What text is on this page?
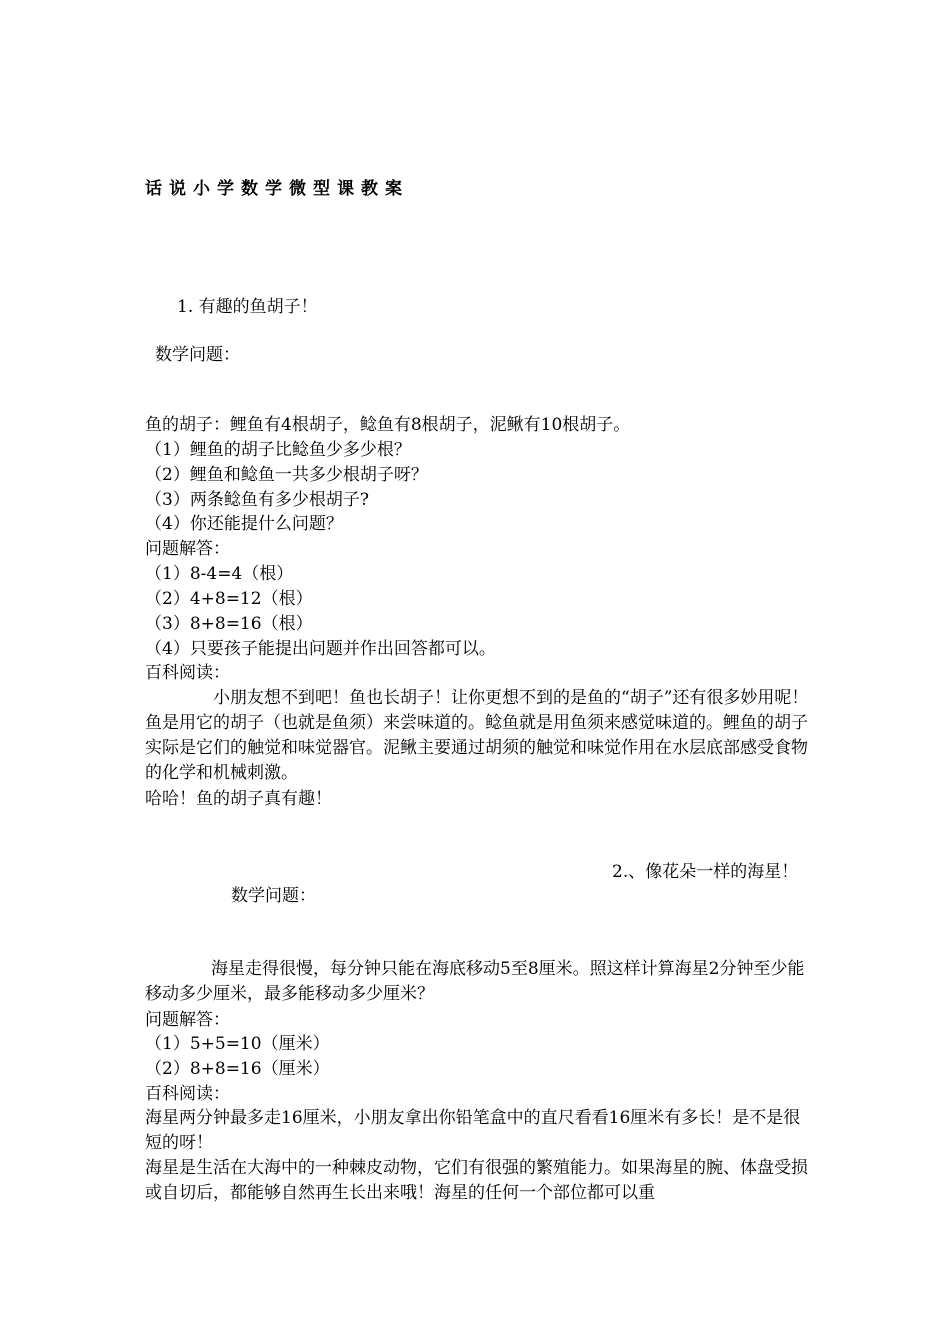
话说小学数学微型课教案
1. 有趣的鱼胡子！
数学问题：
鱼的胡子：鲤鱼有4根胡子，鲶鱼有8根胡子，泥鳅有10根胡子。
（1）鲤鱼的胡子比鲶鱼少多少根？
（2）鲤鱼和鲶鱼一共多少根胡子呀？
（3）两条鲶鱼有多少根胡子?
（4）你还能提什么问题？
问题解答：
（1）8-4=4（根）
（2）4+8=12（根）
（3）8+8=16（根）
（4）只要孩子能提出问题并作出回答都可以。
百科阅读：
小朋友想不到吧！鱼也长胡子！让你更想不到的是鱼的“胡子”还有很多妙用呢！鱼是用它的胡子（也就是鱼须）来尝味道的。鲶鱼就是用鱼须来感觉味道的。鲤鱼的胡子实际是它们的触觉和味觉器官。泥鳅主要通过胡须的触觉和味觉作用在水层底部感受食物的化学和机械刺激。
哈哈！鱼的胡子真有趣！
2.、像花朵一样的海星！
数学问题：
海星走得很慢，每分钟只能在海底移动5至8厘米。照这样计算海星2分钟至少能移动多少厘米，最多能移动多少厘米？
问题解答：
（1）5+5=10（厘米）
（2）8+8=16（厘米）
百科阅读：
海星两分钟最多走16厘米，小朋友拿出你铅笔盒中的直尺看看16厘米有多长！是不是很短的呀！
海星是生活在大海中的一种棘皮动物，它们有很强的繁殖能力。如果海星的腕、体盘受损或自切后，都能够自然再生长出来哦！海星的任何一个部位都可以重
